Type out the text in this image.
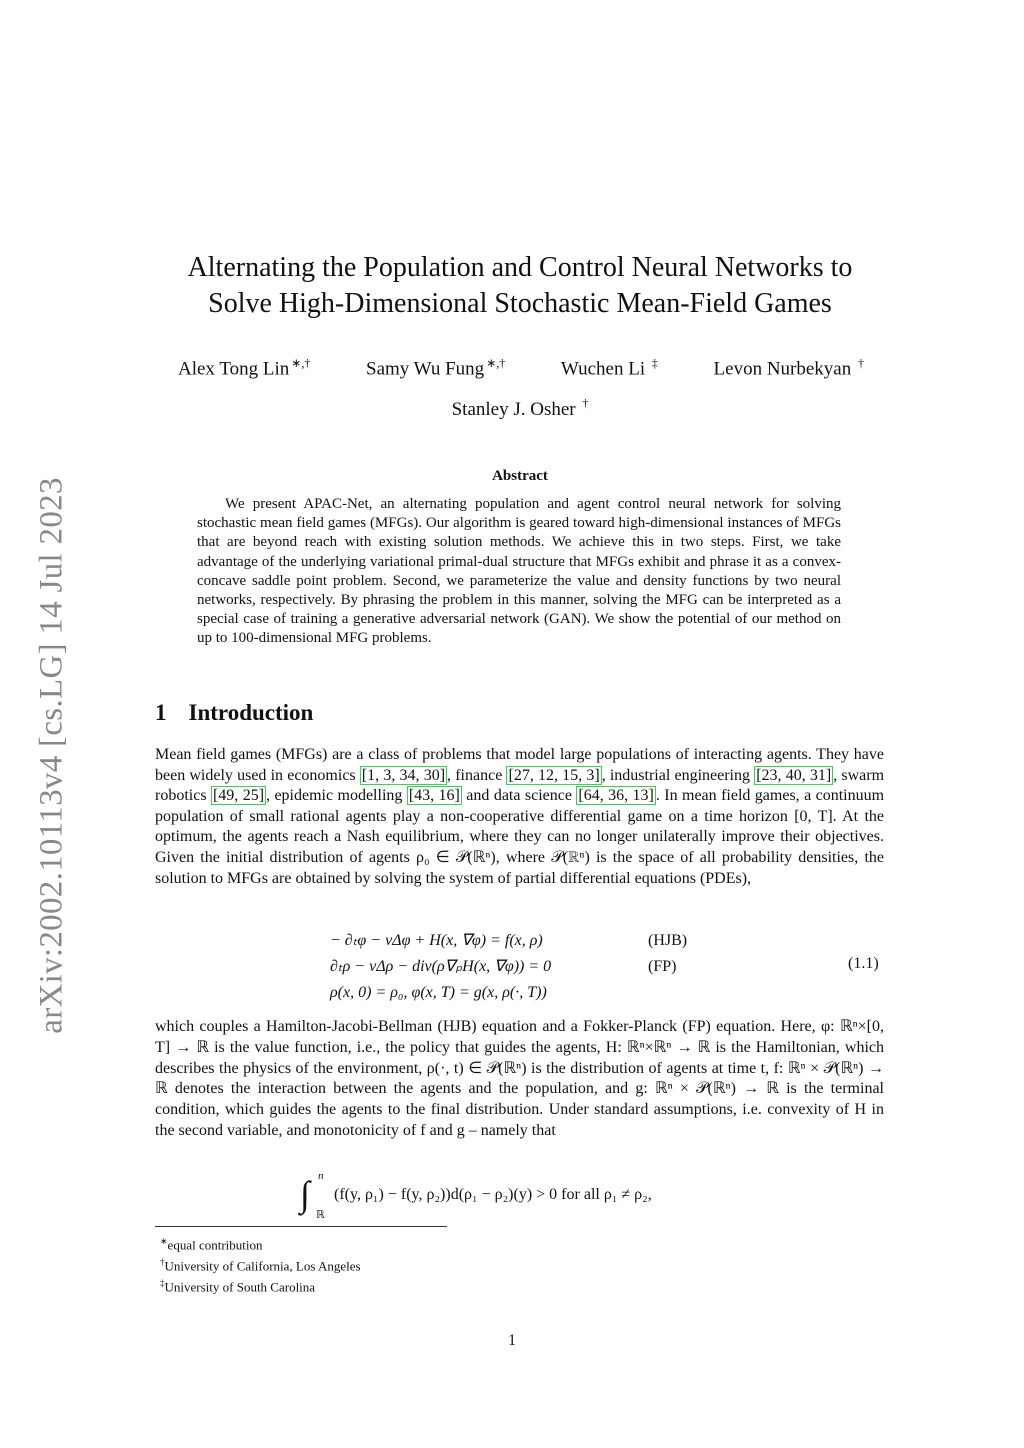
arXiv:2002.10113v4 [cs.LG] 14 Jul 2023
Alternating the Population and Control Neural Networks to
Solve High-Dimensional Stochastic Mean-Field Games
Alex Tong Lin ∗,†	Samy Wu Fung ∗,†	Wuchen Li ‡	Levon Nurbekyan †
Stanley J. Osher †
Abstract

We present APAC-Net, an alternating population and agent control neural network for solving stochastic mean field games (MFGs). Our algorithm is geared toward high-dimensional instances of MFGs that are beyond reach with existing solution methods. We achieve this in two steps. First, we take advantage of the underlying variational primal-dual structure that MFGs exhibit and phrase it as a convex-concave saddle point problem. Second, we parameterize the value and density functions by two neural networks, respectively. By phrasing the problem in this manner, solving the MFG can be interpreted as a special case of training a generative adversarial network (GAN). We show the potential of our method on up to 100-dimensional MFG problems.

1 Introduction

Mean field games (MFGs) are a class of problems that model large populations of interacting agents. They have been widely used in economics [1, 3, 34, 30] , finance [27, 12, 15, 3] , industrial engineering [23, 40, 31] , swarm robotics [49, 25] , epidemic modelling [43, 16] and data science [64, 36, 13] . In mean field games, a continuum population of small rational agents play a non-cooperative differential game on a time horizon [0, T]. At the optimum, the agents reach a Nash equilibrium, where they can no longer unilaterally improve their objectives. Given the initial distribution of agents ρ₀ ∈ 𝒫(ℝⁿ), where 𝒫(ℝⁿ) is the space of all probability densities, the solution to MFGs are obtained by solving the system of partial differential equations (PDEs),

− ∂ₜφ − νΔφ + H(x, ∇φ) = f(x, ρ)	(HJB)
∂ₜρ − νΔρ − div(ρ∇ₚH(x, ∇φ)) = 0	(FP)
ρ(x, 0) = ρ₀, φ(x, T) = g(x, ρ(·, T))
(1.1)

which couples a Hamilton-Jacobi-Bellman (HJB) equation and a Fokker-Planck (FP) equation. Here, φ: ℝⁿ×[0, T] → ℝ is the value function, i.e., the policy that guides the agents, H: ℝⁿ×ℝⁿ → ℝ is the Hamiltonian, which describes the physics of the environment, ρ(·, t) ∈ 𝒫(ℝⁿ) is the distribution of agents at time t, f: ℝⁿ × 𝒫(ℝⁿ) → ℝ denotes the interaction between the agents and the population, and g: ℝⁿ × 𝒫(ℝⁿ) → ℝ is the terminal condition, which guides the agents to the final distribution. Under standard assumptions, i.e. convexity of H in the second variable, and monotonicity of f and g – namely that

∫ n
ℝ
(f(y, ρ₁) − f(y, ρ₂))d(ρ₁ − ρ₂)(y) > 0 for all ρ₁ ≠ ρ₂,
∗equal contribution
†University of California, Los Angeles
‡University of South Carolina
1
